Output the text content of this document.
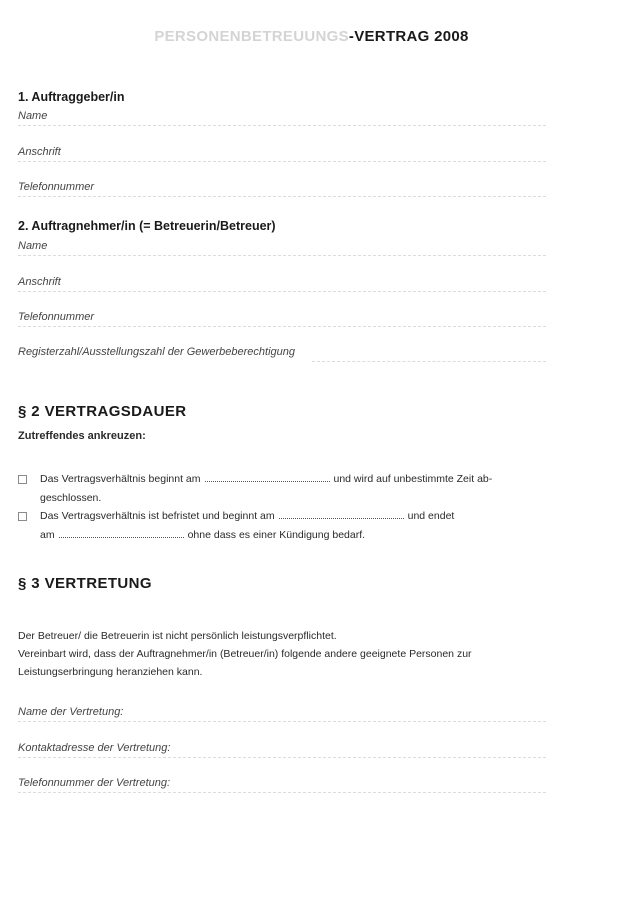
PERSONENBETREUUNGS-VERTRAG 2008
1. Auftraggeber/in
Name
Anschrift
Telefonnummer
2. Auftragnehmer/in (= Betreuerin/Betreuer)
Name
Anschrift
Telefonnummer
Registerzahl/Ausstellungszahl der Gewerbeberechtigung
§ 2 VERTRAGSDAUER
Zutreffendes ankreuzen:
Das Vertragsverhältnis beginnt am	und wird auf unbestimmte Zeit ab-
geschlossen.
Das Vertragsverhältnis ist befristet und beginnt am	und endet
am	ohne dass es einer Kündigung bedarf.
§ 3 VERTRETUNG
Der Betreuer/ die Betreuerin ist nicht persönlich leistungsverpflichtet.
Vereinbart wird, dass der Auftragnehmer/in (Betreuer/in) folgende andere geeignete Personen zur
Leistungserbringung heranziehen kann.
Name der Vertretung:
Kontaktadresse der Vertretung:
Telefonnummer der Vertretung:
